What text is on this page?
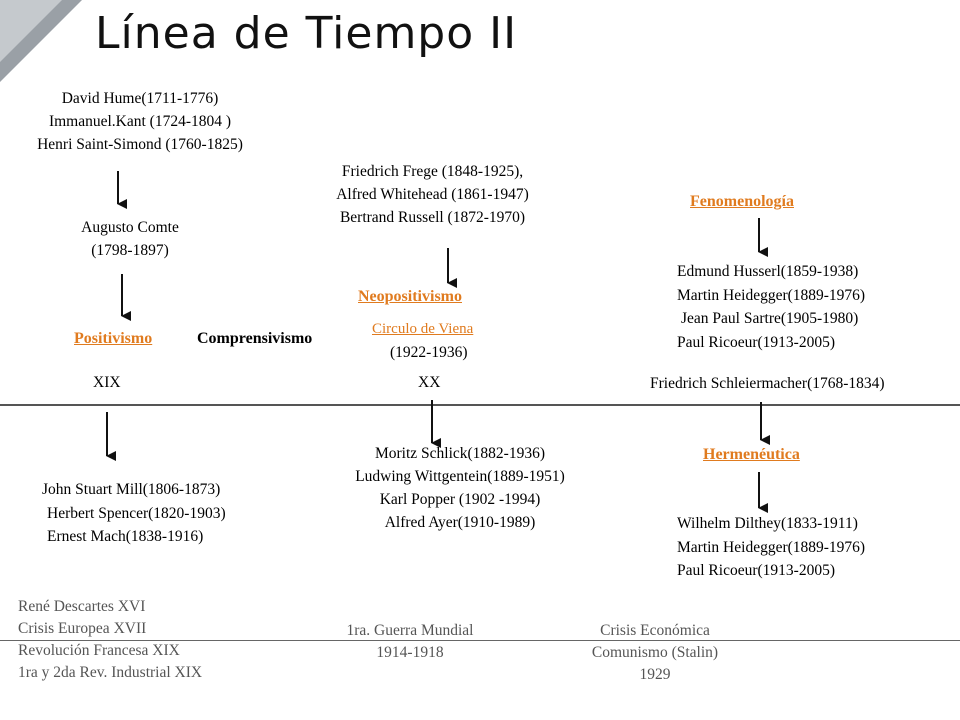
Línea de Tiempo II
David Hume(1711-1776)
Immanuel.Kant (1724-1804 )
Henri Saint-Simond (1760-1825)
Augusto Comte
(1798-1897)
Positivismo	Comprensivismo
XIX	XX
Friedrich Frege (1848-1925),
Alfred Whitehead (1861-1947)
Bertrand Russell (1872-1970)
Neopositivismo
Circulo de Viena
(1922-1936)
Fenomenología
Edmund Husserl(1859-1938)
Martin Heidegger(1889-1976)
Jean Paul Sartre(1905-1980)
Paul Ricoeur(1913-2005)
Friedrich Schleiermacher(1768-1834)
Hermenéutica
Wilhelm Dilthey(1833-1911)
Martin Heidegger(1889-1976)
Paul Ricoeur(1913-2005)
John Stuart Mill(1806-1873)
Herbert Spencer(1820-1903)
Ernest Mach(1838-1916)
Moritz Schlick(1882-1936)
Ludwing Wittgentein(1889-1951)
Karl Popper (1902 -1994)
Alfred Ayer(1910-1989)
René Descartes XVI
Crisis Europea XVII
Revolución Francesa XIX
1ra y 2da Rev. Industrial XIX
1ra. Guerra Mundial
1914-1918
Crisis Económica
Comunismo (Stalin)
1929
